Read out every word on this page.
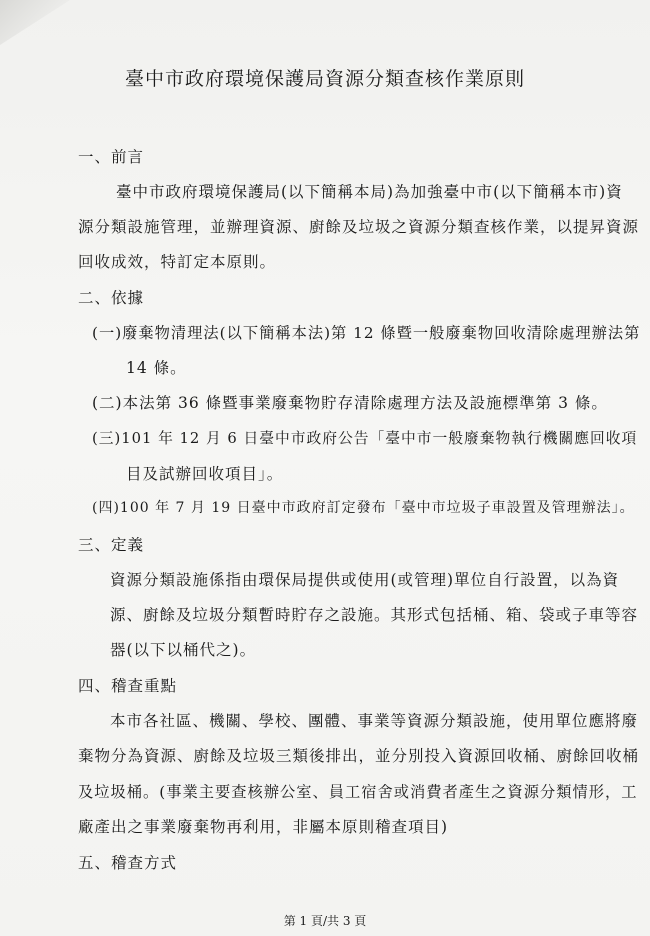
臺中市政府環境保護局資源分類查核作業原則
一、前言
臺中市政府環境保護局(以下簡稱本局)為加強臺中市(以下簡稱本市)資
源分類設施管理，並辦理資源、廚餘及垃圾之資源分類查核作業，以提昇資源
回收成效，特訂定本原則。
二、依據
(一)廢棄物清理法(以下簡稱本法)第 12 條暨一般廢棄物回收清除處理辦法第
14 條。
(二)本法第 36 條暨事業廢棄物貯存清除處理方法及設施標準第 3 條。
(三)101 年 12 月 6 日臺中市政府公告「臺中市一般廢棄物執行機關應回收項
目及試辦回收項目」。
(四)100 年 7 月 19 日臺中市政府訂定發布「臺中市垃圾子車設置及管理辦法」。
三、定義
資源分類設施係指由環保局提供或使用(或管理)單位自行設置，以為資
源、廚餘及垃圾分類暫時貯存之設施。其形式包括桶、箱、袋或子車等容
器(以下以桶代之)。
四、稽查重點
本市各社區、機關、學校、團體、事業等資源分類設施，使用單位應將廢
棄物分為資源、廚餘及垃圾三類後排出，並分別投入資源回收桶、廚餘回收桶
及垃圾桶。(事業主要查核辦公室、員工宿舍或消費者產生之資源分類情形，工
廠產出之事業廢棄物再利用，非屬本原則稽查項目)
五、稽查方式
第 1 頁/共 3 頁
